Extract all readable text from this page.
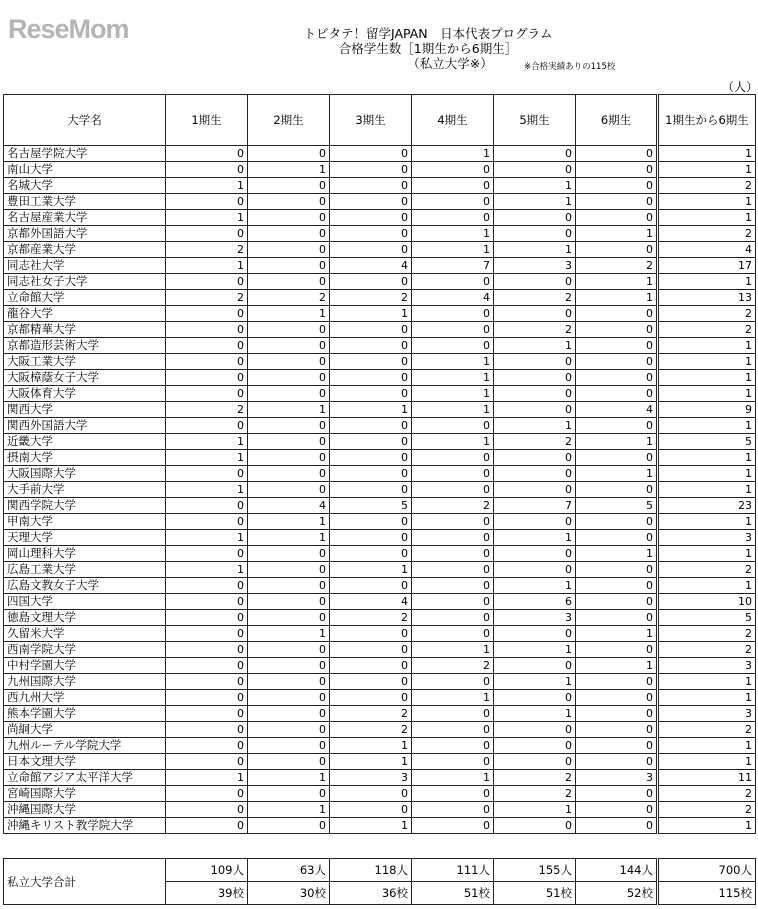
トビタテ！留学JAPAN　日本代表プログラム
合格学生数［1期生から6期生］
（私立大学※）	※合格実績ありの115校
（人）
大学名	1期生	2期生	3期生	4期生	5期生	6期生	1期生から6期生
名古屋学院大学	0	0	0	1	0	0	1
南山大学	0	1	0	0	0	0	1
名城大学	1	0	0	0	1	0	2
豊田工業大学	0	0	0	0	1	0	1
名古屋産業大学	1	0	0	0	0	0	1
京都外国語大学	0	0	0	1	0	1	2
京都産業大学	2	0	0	1	1	0	4
同志社大学	1	0	4	7	3	2	17
同志社女子大学	0	0	0	0	0	1	1
立命館大学	2	2	2	4	2	1	13
龍谷大学	0	1	1	0	0	0	2
京都精華大学	0	0	0	0	2	0	2
京都造形芸術大学	0	0	0	0	1	0	1
大阪工業大学	0	0	0	1	0	0	1
大阪樟蔭女子大学	0	0	0	1	0	0	1
大阪体育大学	0	0	0	1	0	0	1
関西大学	2	1	1	1	0	4	9
関西外国語大学	0	0	0	0	1	0	1
近畿大学	1	0	0	1	2	1	5
摂南大学	1	0	0	0	0	0	1
大阪国際大学	0	0	0	0	0	1	1
大手前大学	1	0	0	0	0	0	1
関西学院大学	0	4	5	2	7	5	23
甲南大学	0	1	0	0	0	0	1
天理大学	1	1	0	0	1	0	3
岡山理科大学	0	0	0	0	0	1	1
広島工業大学	1	0	1	0	0	0	2
広島文教女子大学	0	0	0	0	1	0	1
四国大学	0	0	4	0	6	0	10
徳島文理大学	0	0	2	0	3	0	5
久留米大学	0	1	0	0	0	1	2
西南学院大学	0	0	0	1	1	0	2
中村学園大学	0	0	0	2	0	1	3
九州国際大学	0	0	0	0	1	0	1
西九州大学	0	0	0	1	0	0	1
熊本学園大学	0	0	2	0	1	0	3
尚絅大学	0	0	2	0	0	0	2
九州ルーテル学院大学	0	0	1	0	0	0	1
日本文理大学	0	0	1	0	0	0	1
立命館アジア太平洋大学	1	1	3	1	2	3	11
宮崎国際大学	0	0	0	0	2	0	2
沖縄国際大学	0	1	0	0	1	0	2
沖縄キリスト教学院大学	0	0	1	0	0	0	1
私立大学合計	109人	63人	118人	111人	155人	144人	700人
	39校	30校	36校	51校	51校	52校	115校
ReseMom
